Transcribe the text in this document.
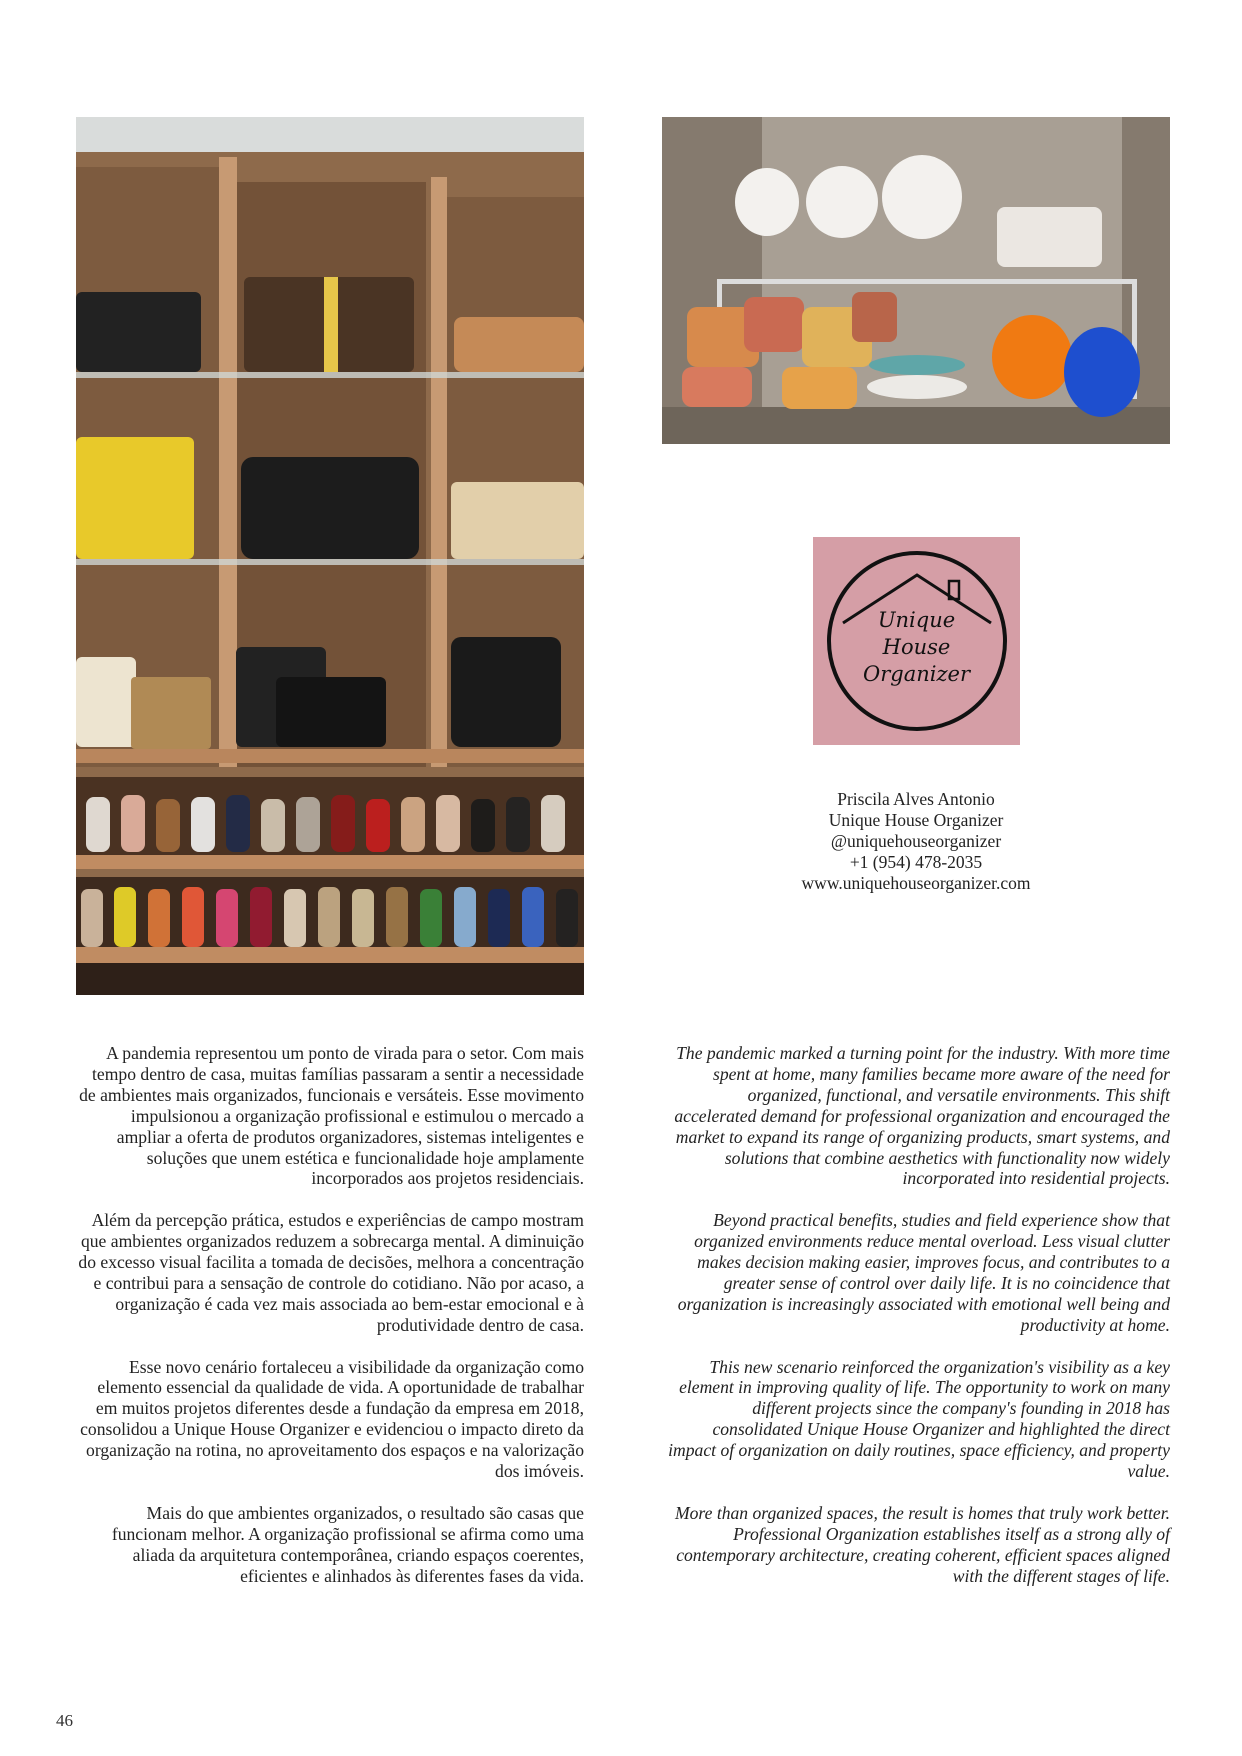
Unique
House
Organizer
Priscila Alves Antonio
Unique House Organizer
@uniquehouseorganizer
+1 (954) 478-2035
www.uniquehouseorganizer.com

A pandemia representou um ponto de virada para o setor. Com mais tempo dentro de casa, muitas famílias passaram a sentir a necessidade de ambientes mais organizados, funcionais e versáteis. Esse movimento impulsionou a organização profissional e estimulou o mercado a ampliar a oferta de produtos organizadores, sistemas inteligentes e soluções que unem estética e funcionalidade hoje amplamente incorporados aos projetos residenciais.

Além da percepção prática, estudos e experiências de campo mostram que ambientes organizados reduzem a sobrecarga mental. A diminuição do excesso visual facilita a tomada de decisões, melhora a concentração e contribui para a sensação de controle do cotidiano. Não por acaso, a organização é cada vez mais associada ao bem-estar emocional e à produtividade dentro de casa.

Esse novo cenário fortaleceu a visibilidade da organização como elemento essencial da qualidade de vida. A oportunidade de trabalhar em muitos projetos diferentes desde a fundação da empresa em 2018, consolidou a Unique House Organizer e evidenciou o impacto direto da organização na rotina, no aproveitamento dos espaços e na valorização dos imóveis.

Mais do que ambientes organizados, o resultado são casas que funcionam melhor. A organização profissional se afirma como uma aliada da arquitetura contemporânea, criando espaços coerentes, eficientes e alinhados às diferentes fases da vida.

The pandemic marked a turning point for the industry. With more time spent at home, many families became more aware of the need for organized, functional, and versatile environments. This shift accelerated demand for professional organization and encouraged the market to expand its range of organizing products, smart systems, and solutions that combine aesthetics with functionality now widely incorporated into residential projects.

Beyond practical benefits, studies and field experience show that organized environments reduce mental overload. Less visual clutter makes decision making easier, improves focus, and contributes to a greater sense of control over daily life. It is no coincidence that organization is increasingly associated with emotional well being and productivity at home.

This new scenario reinforced the organization's visibility as a key element in improving quality of life. The opportunity to work on many different projects since the company's founding in 2018 has consolidated Unique House Organizer and highlighted the direct impact of organization on daily routines, space efficiency, and property value.

More than organized spaces, the result is homes that truly work better. Professional Organization establishes itself as a strong ally of contemporary architecture, creating coherent, efficient spaces aligned with the different stages of life.

46
